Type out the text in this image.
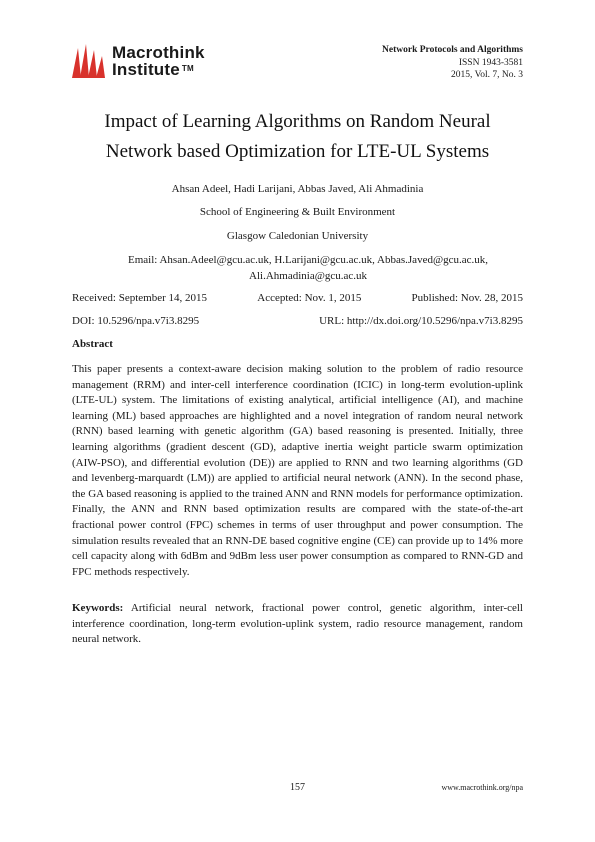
Macrothink
Institute ™
Network Protocols and Algorithms
ISSN 1943-3581
2015, Vol. 7, No. 3
Impact of Learning Algorithms on Random Neural
Network based Optimization for LTE-UL Systems
Ahsan Adeel, Hadi Larijani, Abbas Javed, Ali Ahmadinia
School of Engineering & Built Environment
Glasgow Caledonian University
Email: Ahsan.Adeel@gcu.ac.uk, H.Larijani@gcu.ac.uk, Abbas.Javed@gcu.ac.uk,
Ali.Ahmadinia@gcu.ac.uk
Received: September 14, 2015	Accepted: Nov. 1, 2015	Published: Nov. 28, 2015
DOI: 10.5296/npa.v7i3.8295	URL: http://dx.doi.org/10.5296/npa.v7i3.8295
Abstract

This paper presents a context-aware decision making solution to the problem of radio resource management (RRM) and inter-cell interference coordination (ICIC) in long-term evolution-uplink (LTE-UL) system. The limitations of existing analytical, artificial intelligence (AI), and machine learning (ML) based approaches are highlighted and a novel integration of random neural network (RNN) based learning with genetic algorithm (GA) based reasoning is presented. Initially, three learning algorithms (gradient descent (GD), adaptive inertia weight particle swarm optimization (AIW-PSO), and differential evolution (DE)) are applied to RNN and two learning algorithms (GD and levenberg-marquardt (LM)) are applied to artificial neural network (ANN). In the second phase, the GA based reasoning is applied to the trained ANN and RNN models for performance optimization. Finally, the ANN and RNN based optimization results are compared with the state-of-the-art fractional power control (FPC) schemes in terms of user throughput and power consumption. The simulation results revealed that an RNN-DE based cognitive engine (CE) can provide up to 14% more cell capacity along with 6dBm and 9dBm less user power consumption as compared to RNN-GD and FPC methods respectively.

Keywords: Artificial neural network, fractional power control, genetic algorithm, inter-cell interference coordination, long-term evolution-uplink system, radio resource management, random neural network.

157	www.macrothink.org/npa
